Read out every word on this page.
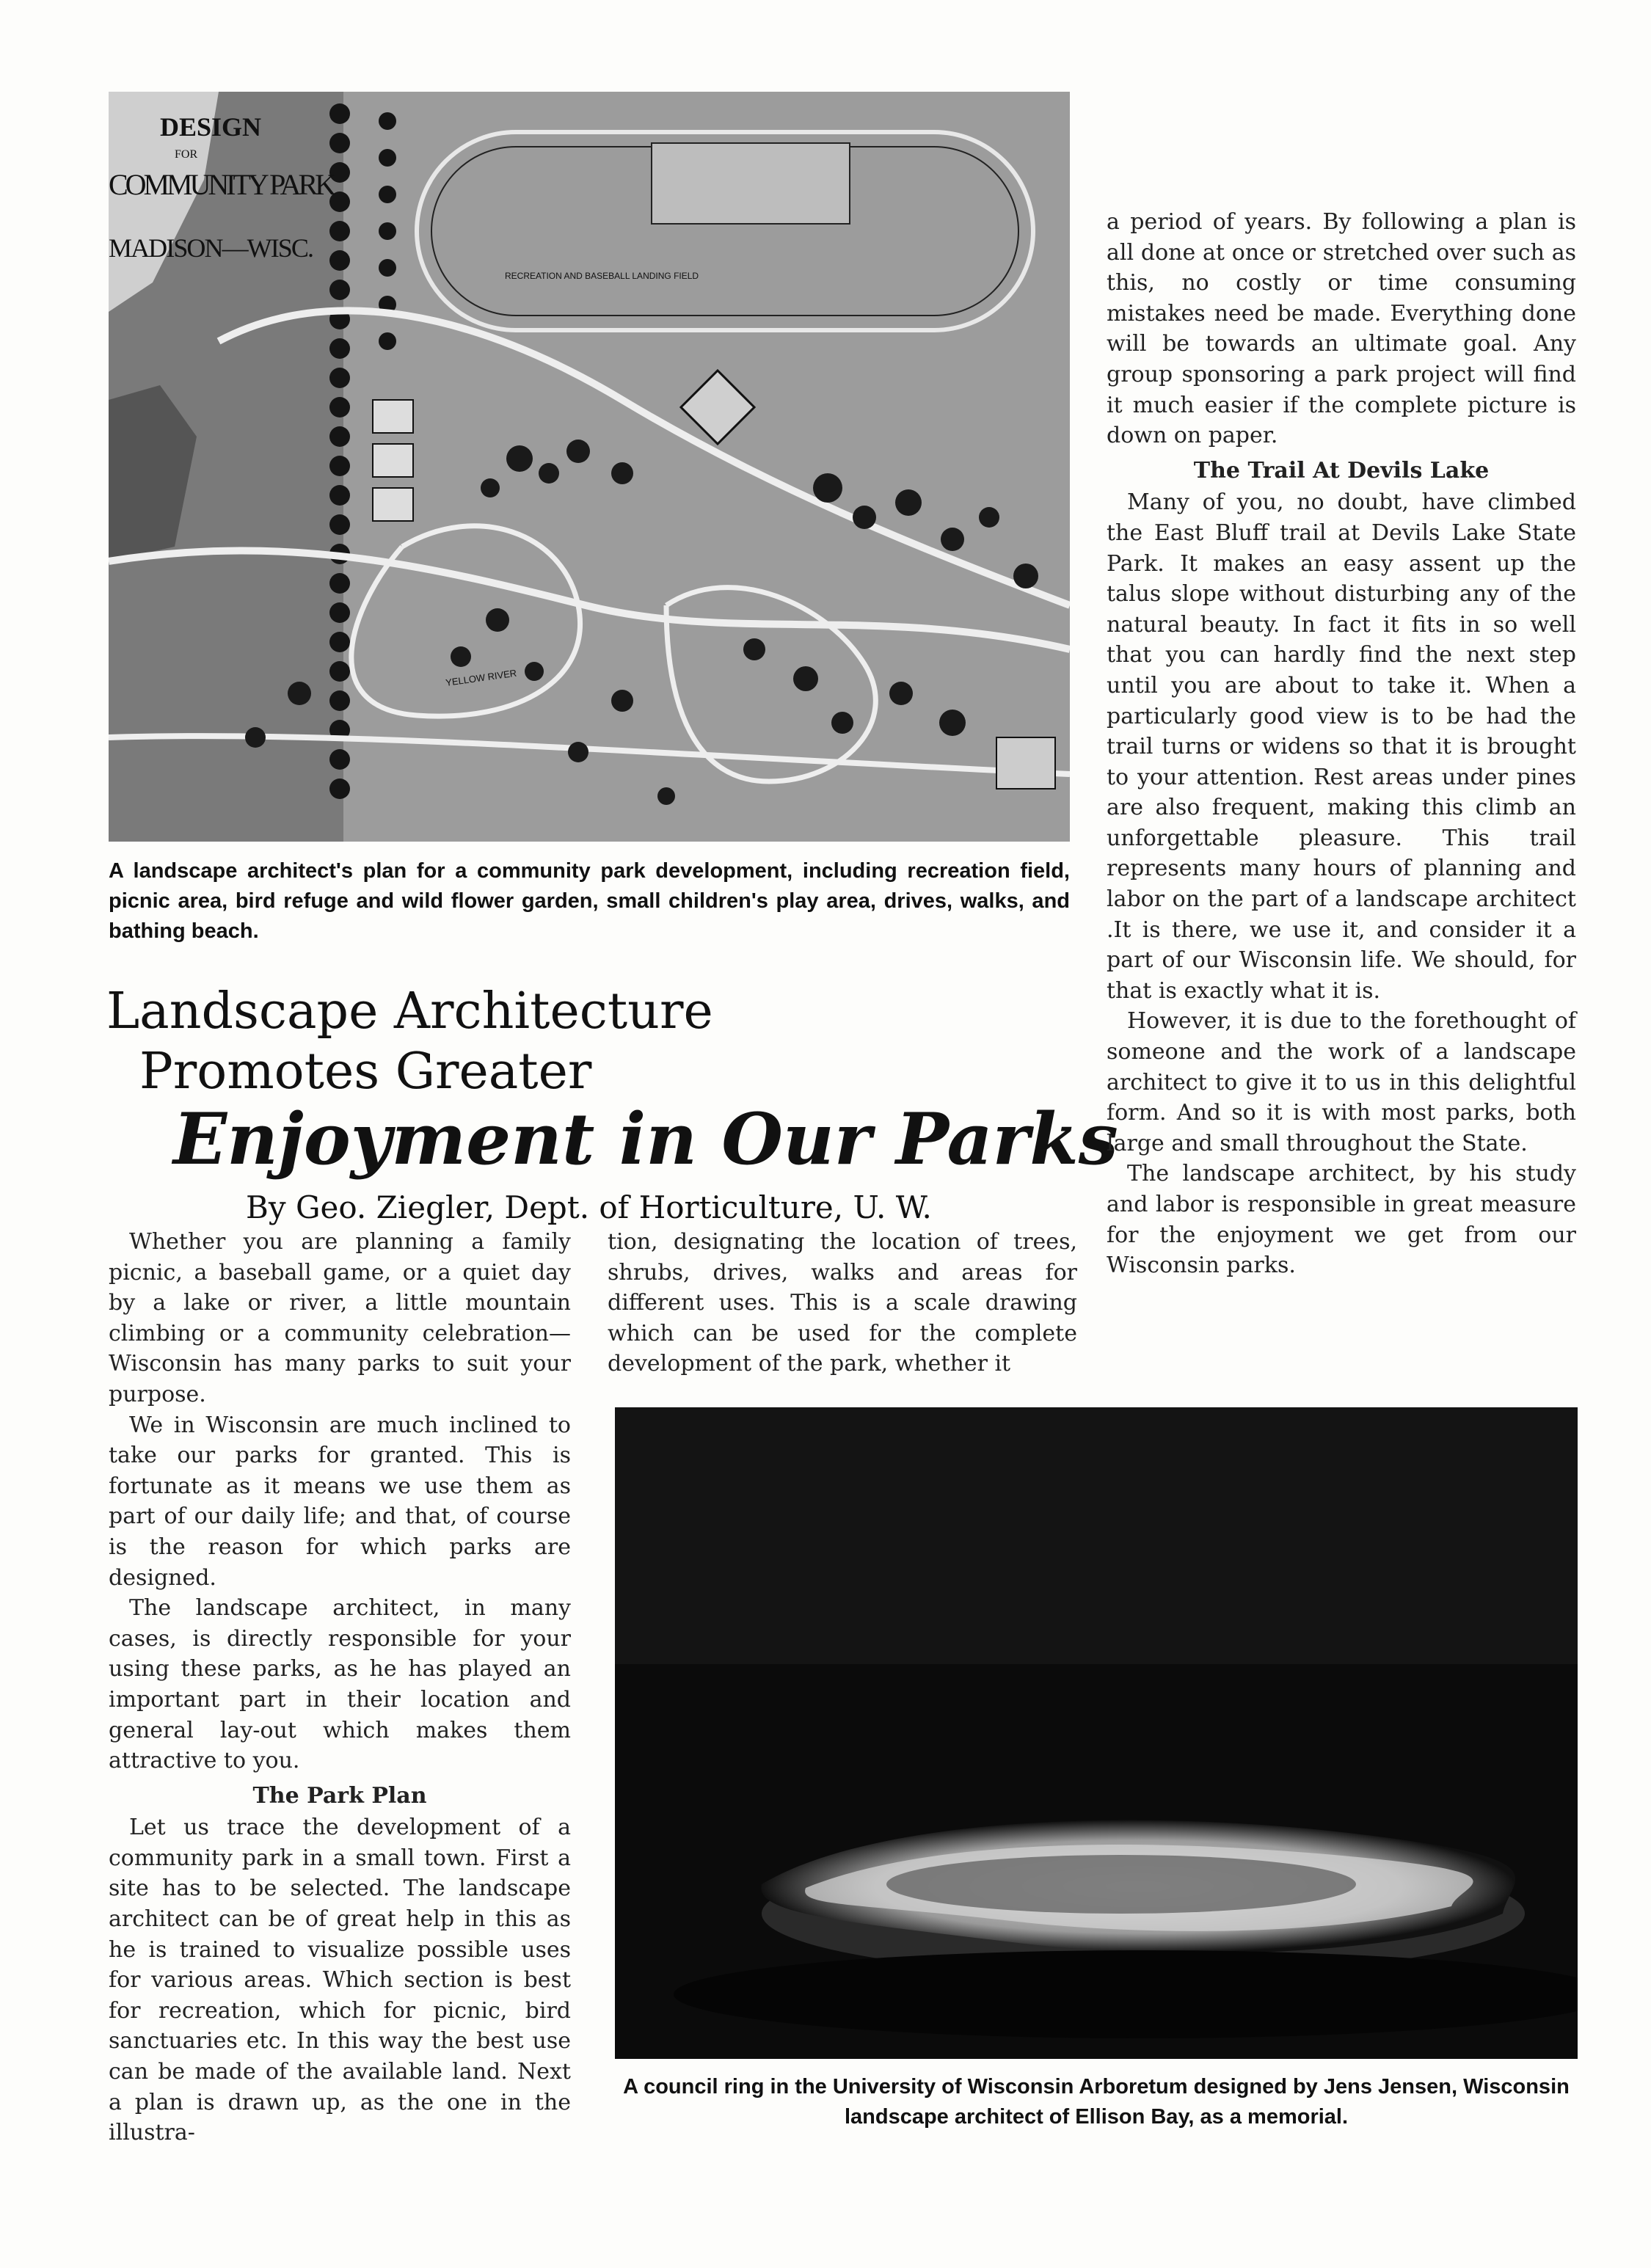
DESIGN
FOR
COMMUNITY PARK
MADISON—WISC.
RECREATION AND BASEBALL LANDING FIELD
YELLOW RIVER
A landscape architect's plan for a community park development, including recreation field, picnic area, bird refuge and wild flower garden, small children's play area, drives, walks, and bathing beach.
Landscape Architecture
Promotes Greater
Enjoyment in Our Parks
By Geo. Ziegler, Dept. of Horticulture, U. W.

Whether you are planning a family picnic, a baseball game, or a quiet day by a lake or river, a little mountain climbing or a community celebration—Wisconsin has many parks to suit your purpose.

We in Wisconsin are much inclined to take our parks for granted. This is fortunate as it means we use them as part of our daily life; and that, of course is the reason for which parks are designed.

The landscape architect, in many cases, is directly responsible for your using these parks, as he has played an important part in their location and general lay-out which makes them attractive to you.

The Park Plan

Let us trace the development of a community park in a small town. First a site has to be selected. The landscape architect can be of great help in this as he is trained to visualize possible uses for various areas. Which section is best for recreation, which for picnic, bird sanctuaries etc. In this way the best use can be made of the available land. Next a plan is drawn up, as the one in the illustra-

tion, designating the location of trees, shrubs, drives, walks and areas for different uses. This is a scale drawing which can be used for the complete development of the park, whether it

a period of years. By following a plan is all done at once or stretched over such as this, no costly or time consuming mistakes need be made. Everything done will be towards an ultimate goal. Any group sponsoring a park project will find it much easier if the complete picture is down on paper.

The Trail At Devils Lake

Many of you, no doubt, have climbed the East Bluff trail at Devils Lake State Park. It makes an easy assent up the talus slope without disturbing any of the natural beauty. In fact it fits in so well that you can hardly find the next step until you are about to take it. When a particularly good view is to be had the trail turns or widens so that it is brought to your attention. Rest areas under pines are also frequent, making this climb an unforgettable pleasure. This trail represents many hours of planning and labor on the part of a landscape architect .It is there, we use it, and consider it a part of our Wisconsin life. We should, for that is exactly what it is.

However, it is due to the forethought of someone and the work of a landscape architect to give it to us in this delightful form. And so it is with most parks, both large and small throughout the State.

The landscape architect, by his study and labor is responsible in great measure for the enjoyment we get from our Wisconsin parks.

A council ring in the University of Wisconsin Arboretum designed by Jens Jensen, Wisconsin landscape architect of Ellison Bay, as a memorial.
